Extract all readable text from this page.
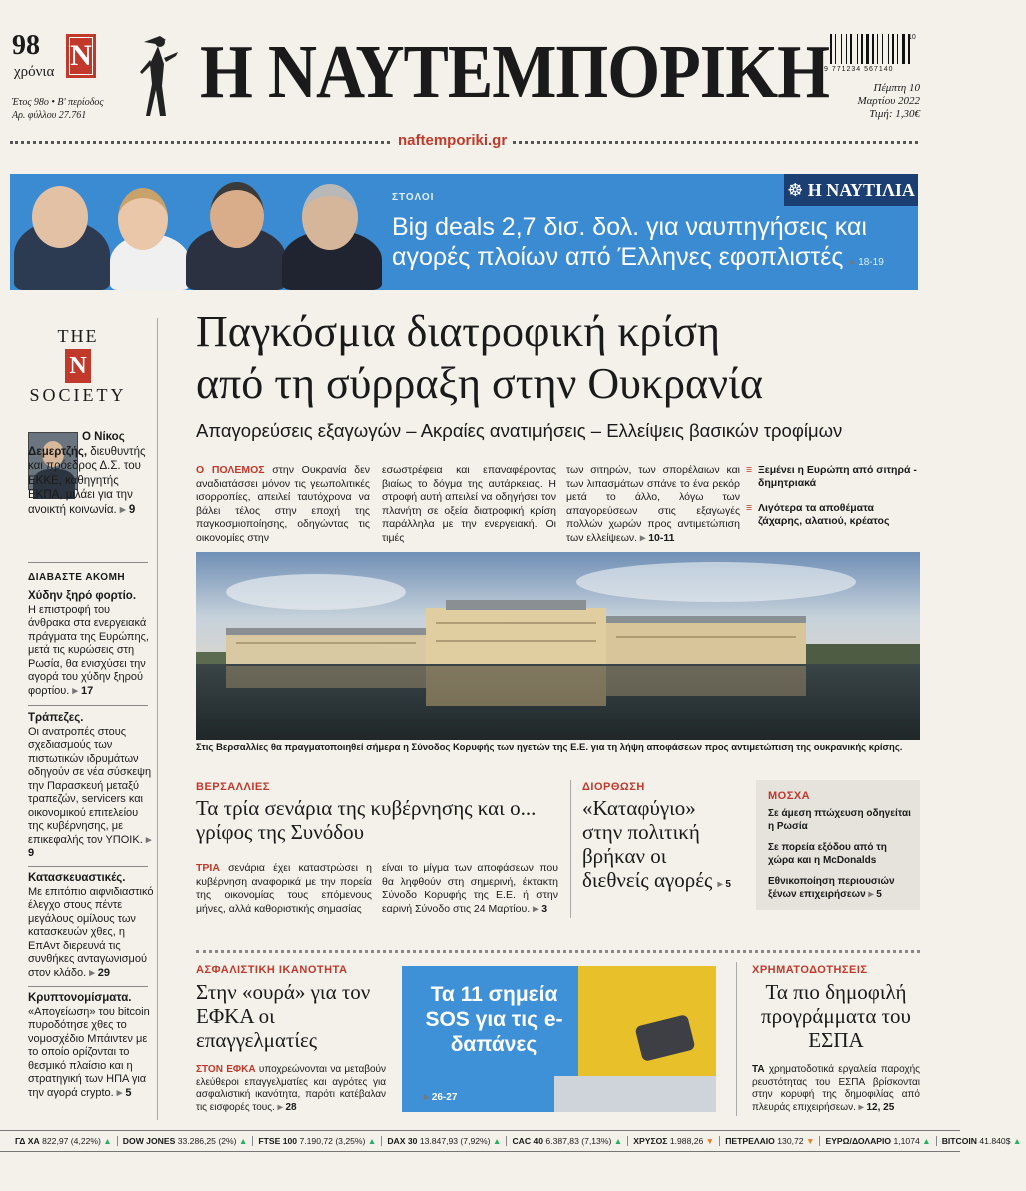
98
χρόνια N
Έτος 98ο • Β' περίοδος
Αρ. φύλλου 27.761
Η ΝΑΥΤΕΜΠΟΡΙΚΗ	10
9 771234 567140
Πέμπτη 10
Μαρτίου 2022
Τιμή: 1,30€
naftemporiki.gr
☸ Η ΝΑΥΤΙΛΙΑ
ΣΤΟΛΟΙ
Big deals 2,7 δισ. δολ. για ναυπηγήσεις και αγορές πλοίων από Έλληνες εφοπλιστές ▸ 18-19
THE
N
SOCIETY
Ο Νίκος Δεμερτζής, διευθυντής και πρόεδρος Δ.Σ. του ΕΚΚΕ, καθηγητής ΕΚΠΑ, μιλάει για την ανοικτή κοινωνία. ▸ 9
ΔΙΑΒΑΣΤΕ ΑΚΟΜΗ
Χύδην ξηρό φορτίο.
Η επιστροφή του άνθρακα στα ενεργειακά πράγματα της Ευρώπης, μετά τις κυρώσεις στη Ρωσία, θα ενισχύσει την αγορά του χύδην ξηρού φορτίου. ▸ 17
Τράπεζες.
Οι ανατροπές στους σχεδιασμούς των πιστωτικών ιδρυμάτων οδηγούν σε νέα σύσκεψη την Παρασκευή μεταξύ τραπεζών, servicers και οικονομικού επιτελείου της κυβέρνησης, με επικεφαλής τον ΥΠΟΙΚ. ▸ 9
Κατασκευαστικές.
Με επιτόπιο αιφνιδιαστικό έλεγχο στους πέντε μεγάλους ομίλους των κατασκευών χθες, η ΕπΑντ διερευνά τις συνθήκες ανταγωνισμού στον κλάδο. ▸ 29
Κρυπτονομίσματα.
«Απογείωση» του bitcoin πυροδότησε χθες το νομοσχέδιο Μπάιντεν με το οποίο ορίζονται το θεσμικό πλαίσιο και η στρατηγική των ΗΠΑ για την αγορά crypto. ▸ 5
Παγκόσμια διατροφική κρίση
από τη σύρραξη στην Ουκρανία
Απαγορεύσεις εξαγωγών – Ακραίες ανατιμήσεις – Ελλείψεις βασικών τροφίμων
Ο ΠΟΛΕΜΟΣ στην Ουκρανία δεν αναδιατάσσει μόνον τις γεωπολιτικές ισορροπίες, απειλεί ταυτόχρονα να βάλει τέλος στην εποχή της παγκοσμιοποίησης, οδηγώντας τις οικονομίες στην
εσωστρέφεια και επαναφέροντας βιαίως το δόγμα της αυτάρκειας. Η στροφή αυτή απειλεί να οδηγήσει τον πλανήτη σε οξεία διατροφική κρίση παράλληλα με την ενεργειακή. Οι τιμές
των σιτηρών, των σπορέλαιων και των λιπασμάτων σπάνε το ένα ρεκόρ μετά το άλλο, λόγω των απαγορεύσεων στις εξαγωγές πολλών χωρών προς αντιμετώπιση των ελλείψεων. ▸ 10-11
≡ Ξεμένει η Ευρώπη από σιτηρά - δημητριακά
≡ Λιγότερα τα αποθέματα ζάχαρης, αλατιού, κρέατος
Στις Βερσαλλίες θα πραγματοποιηθεί σήμερα η Σύνοδος Κορυφής των ηγετών της Ε.Ε. για τη λήψη αποφάσεων προς αντιμετώπιση της ουκρανικής κρίσης.
ΒΕΡΣΑΛΛΙΕΣ
Τα τρία σενάρια της κυβέρνησης και ο... γρίφος της Συνόδου
ΤΡΙΑ σενάρια έχει καταστρώσει η κυβέρνηση αναφορικά με την πορεία της οικονομίας τους επόμενους μήνες, αλλά καθοριστικής σημασίας
είναι το μίγμα των αποφάσεων που θα ληφθούν στη σημερινή, έκτακτη Σύνοδο Κορυφής της Ε.Ε. ή στην εαρινή Σύνοδο στις 24 Μαρτίου. ▸ 3
ΔΙΟΡΘΩΣΗ
«Καταφύγιο» στην πολιτική βρήκαν οι διεθνείς αγορές ▸ 5
ΜΟΣΧΑ
Σε άμεση πτώχευση οδηγείται η Ρωσία
Σε πορεία εξόδου από τη χώρα και η McDonalds
Εθνικοποίηση περιουσιών ξένων επιχειρήσεων ▸ 5
ΑΣΦΑΛΙΣΤΙΚΗ ΙΚΑΝΟΤΗΤΑ
Στην «ουρά» για τον ΕΦΚΑ οι επαγγελματίες
ΣΤΟΝ ΕΦΚΑ υποχρεώνονται να μεταβούν ελεύθεροι επαγγελματίες και αγρότες για ασφαλιστική ικανότητα, παρότι κατέβαλαν τις εισφορές τους. ▸ 28
Τα 11 σημεία SOS για τις e-δαπάνες
▸ 26-27
ΧΡΗΜΑΤΟΔΟΤΗΣΕΙΣ
Τα πιο δημοφιλή προγράμματα του ΕΣΠΑ
ΤΑ χρηματοδοτικά εργαλεία παροχής ρευστότητας του ΕΣΠΑ βρίσκονται στην κορυφή της δημοφιλίας από πλευράς επιχειρήσεων. ▸ 12, 25
ΓΔ ΧΑ 822,97 (4,22%) ▲	DOW JONES 33.286,25 (2%) ▲	FTSE 100 7.190,72 (3,25%) ▲	DAX 30 13.847,93 (7,92%) ▲	CAC 40 6.387,83 (7,13%) ▲	ΧΡΥΣΟΣ 1.988,26 ▼	ΠΕΤΡΕΛΑΙΟ 130,72 ▼	ΕΥΡΩ/ΔΟΛΑΡΙΟ 1,1074 ▲	BITCOIN 41.840$ ▲
